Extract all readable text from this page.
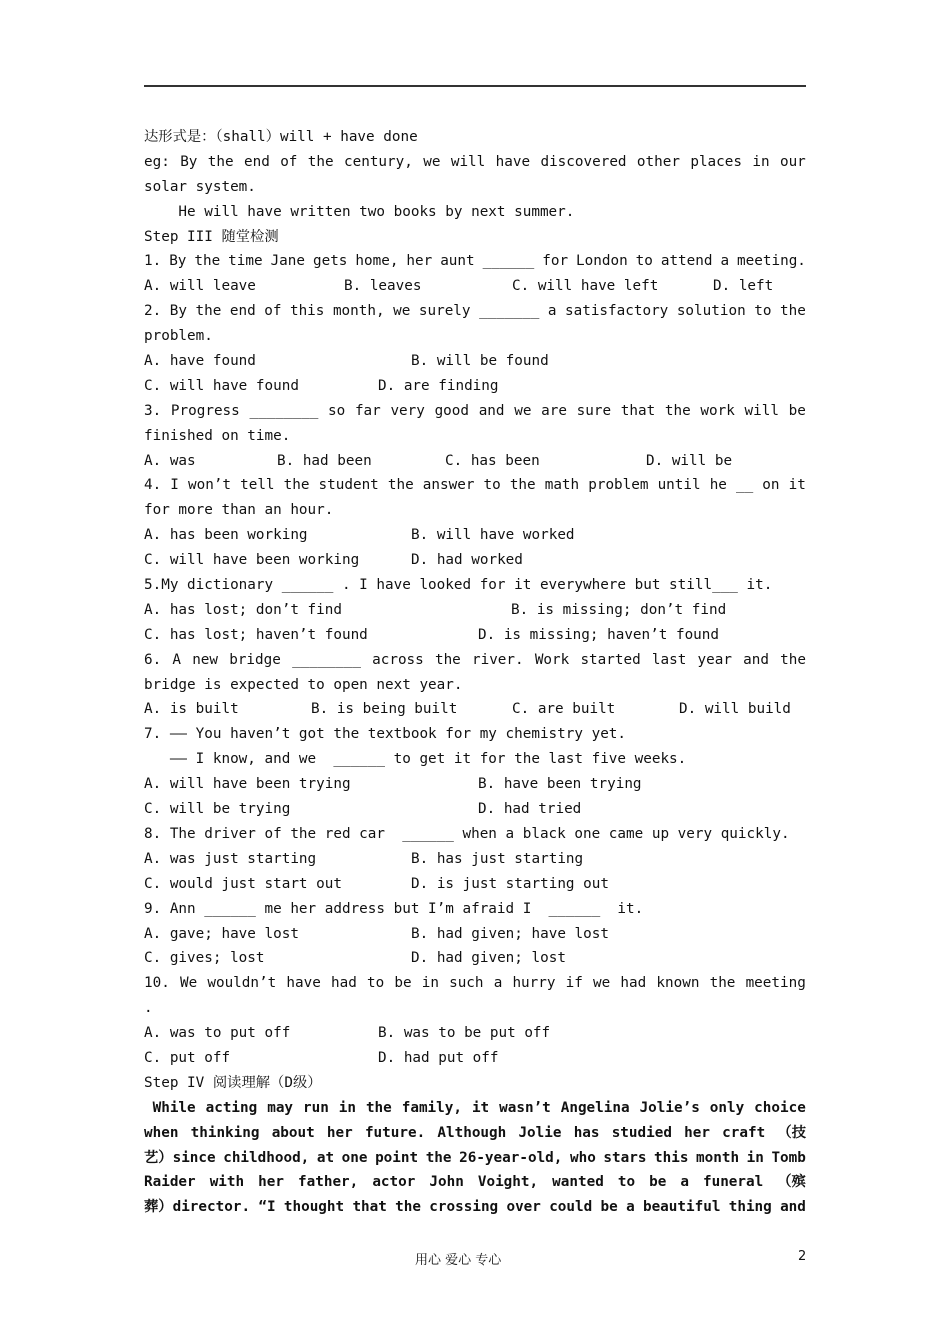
达形式是：（shall）will + have done
eg: By the end of the century, we will have discovered other places in our
solar system.
He will have written two books by next summer.
Step III 随堂检测
1. By the time Jane gets home, her aunt ______ for London to attend a meeting.
A. will leave	B. leaves	C. will have left	D. left
2. By the end of this month, we surely _______ a satisfactory solution to the
problem.
A. have found	B. will be found
C. will have found	D. are finding
3. Progress ________ so far very good and we are sure that the work will be
finished on time.
A. was	B. had been	C. has been	D. will be
4. I won’t tell the student the answer to the math problem until he __ on it
for more than an hour.
A. has been working	B. will have worked
C. will have been working	D. had worked
5.My dictionary ______ . I have looked for it everywhere but still___ it.
A. has lost; don’t find	B. is missing; don’t find
C. has lost; haven’t found	D. is missing; haven’t found
6. A new bridge ________ across the river. Work started last year and the
bridge is expected to open next year.
A. is built	B. is being built	C. are built	D. will build
7. —— You haven’t got the textbook for my chemistry yet.
—— I know, and we  ______ to get it for the last five weeks.
A. will have been trying	B. have been trying
C. will be trying	D. had tried
8. The driver of the red car  ______ when a black one came up very quickly.
A. was just starting	B. has just starting
C. would just start out	D. is just starting out
9. Ann ______ me her address but I’m afraid I  ______  it.
A. gave; have lost	B. had given; have lost
C. gives; lost	D. had given; lost
10. We wouldn’t have had to be in such a hurry if we had known the meeting
.
A. was to put off	B. was to be put off
C. put off	D. had put off
Step IV 阅读理解（D级）
While acting may run in the family, it wasn’t Angelina Jolie’s only choice
when thinking about her future. Although Jolie has studied her craft （技
艺）since childhood, at one point the 26-year-old, who stars this month in Tomb
Raider with her father, actor John Voight, wanted to be a funeral （殡
葬）director. “I thought that the crossing over could be a beautiful thing and
用心 爱心 专心	2
